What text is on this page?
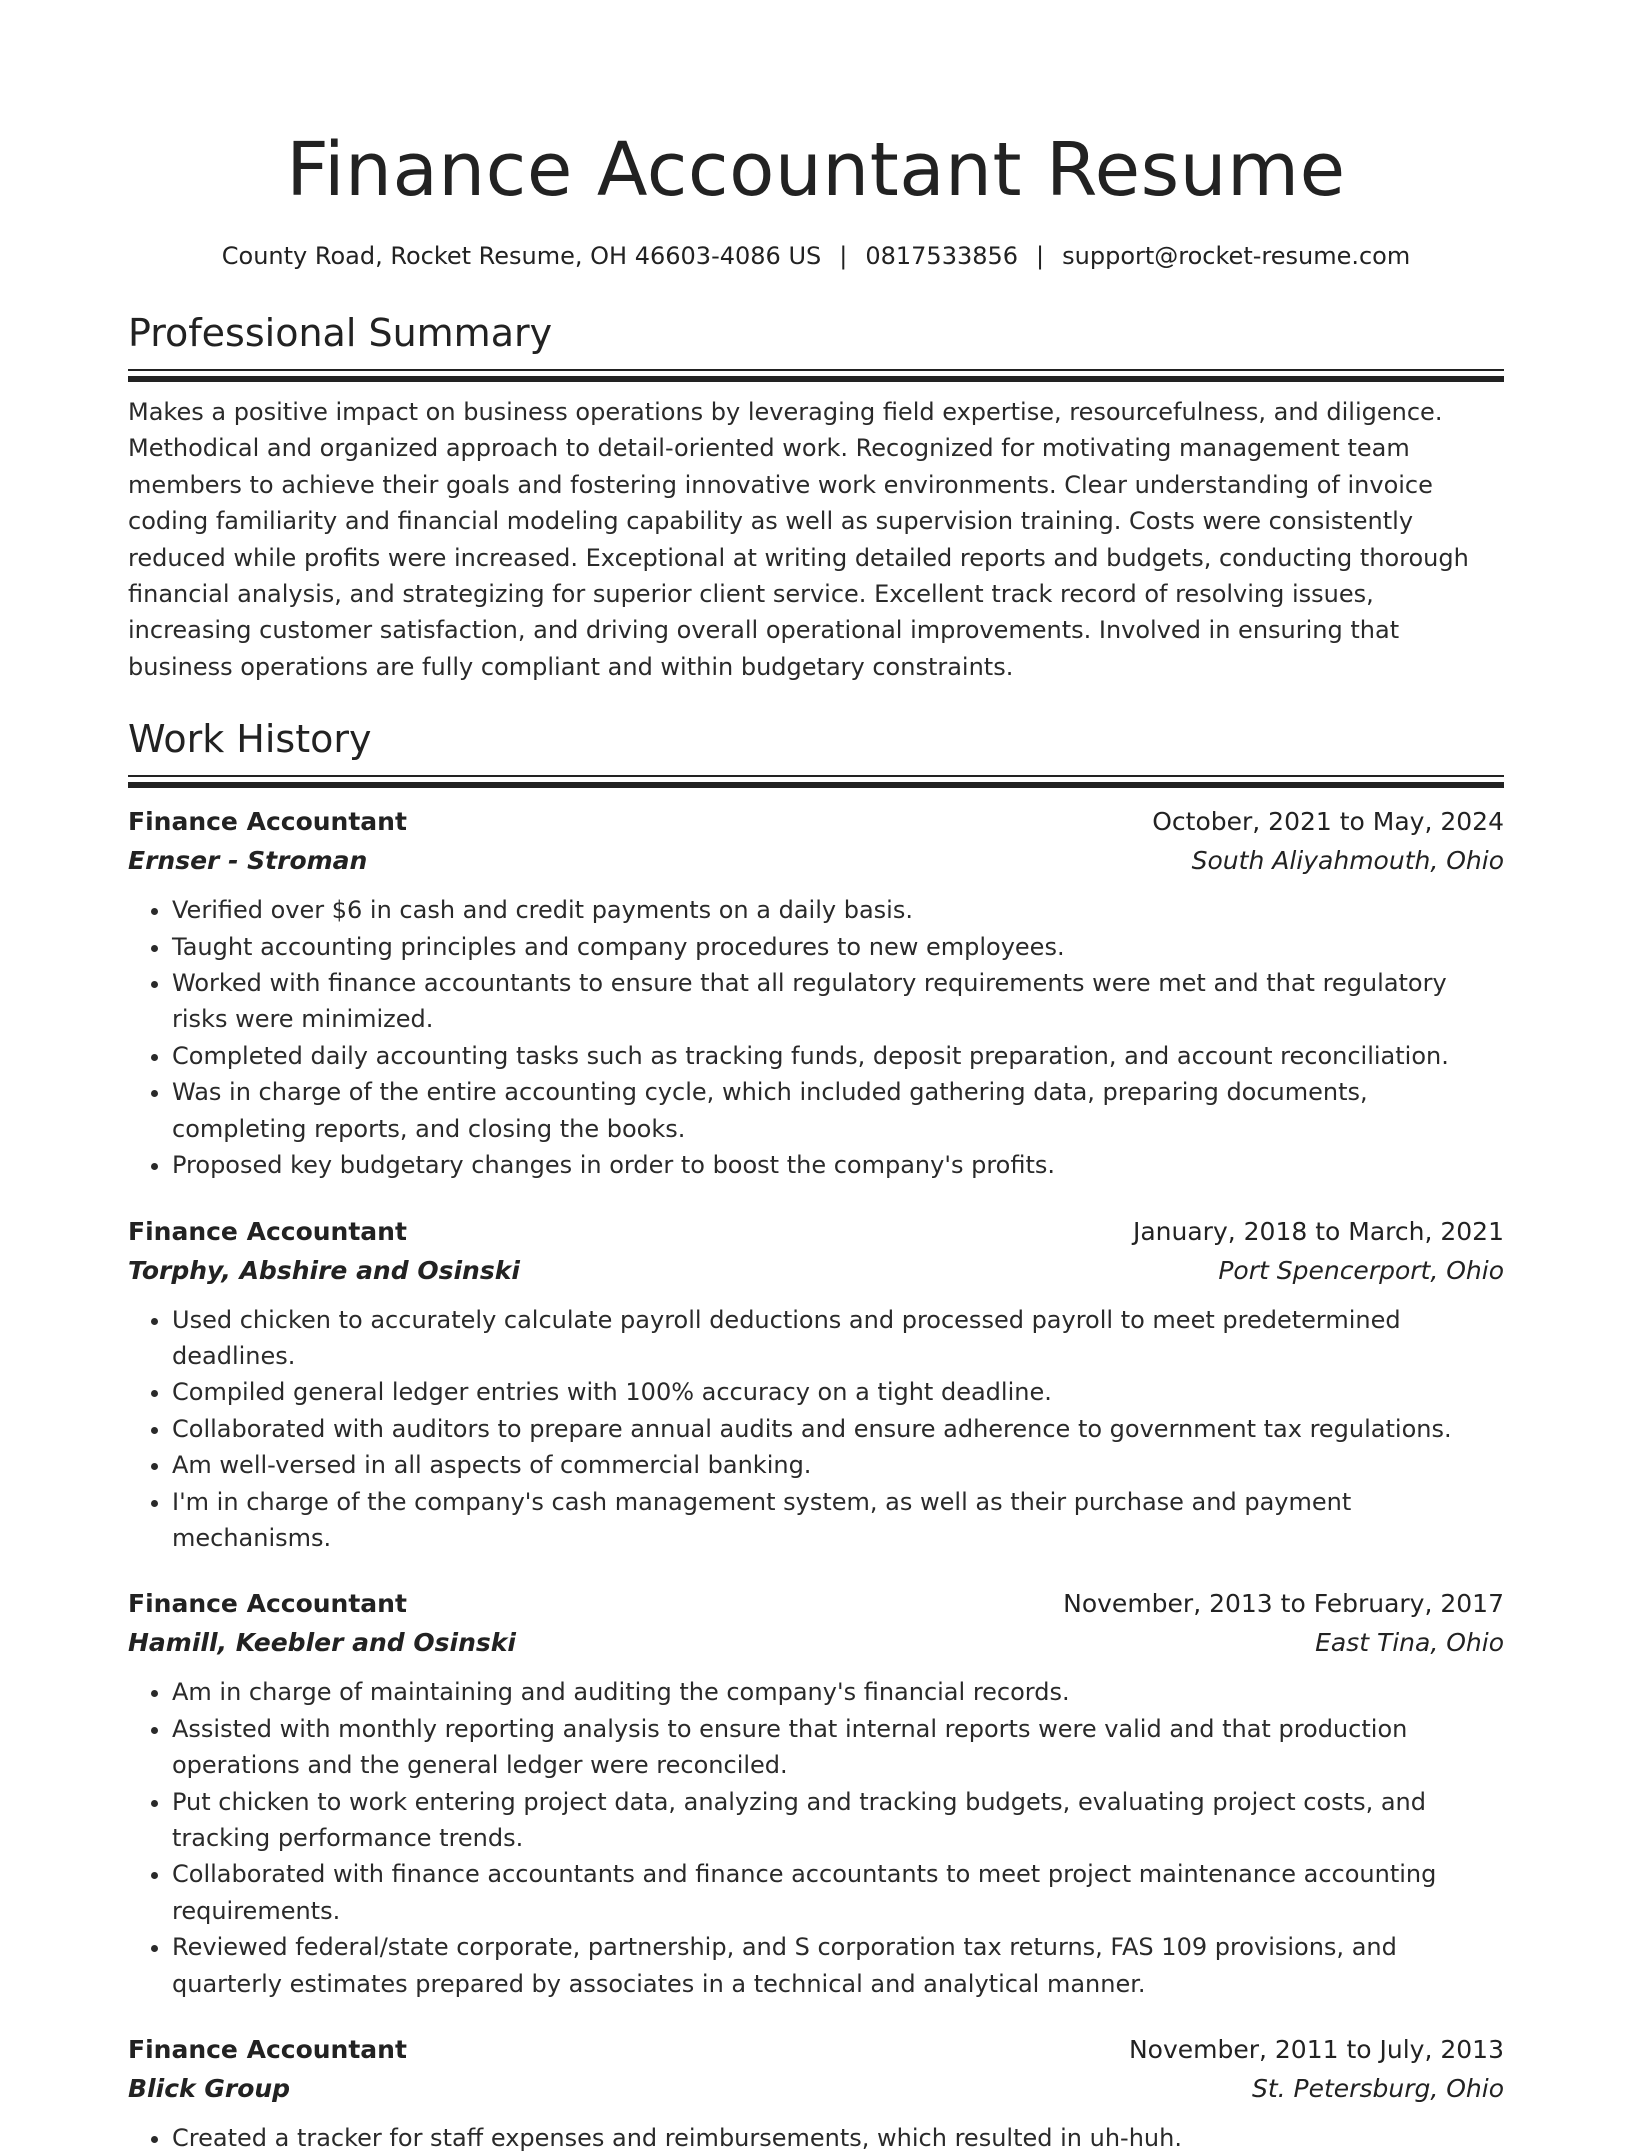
Finance Accountant Resume
County Road, Rocket Resume, OH 46603-4086 US | 0817533856 | support@rocket-resume.com
Professional Summary

Makes a positive impact on business operations by leveraging field expertise, resourcefulness, and diligence. Methodical and organized approach to detail-oriented work. Recognized for motivating management team members to achieve their goals and fostering innovative work environments. Clear understanding of invoice coding familiarity and financial modeling capability as well as supervision training. Costs were consistently reduced while profits were increased. Exceptional at writing detailed reports and budgets, conducting thorough financial analysis, and strategizing for superior client service. Excellent track record of resolving issues, increasing customer satisfaction, and driving overall operational improvements. Involved in ensuring that business operations are fully compliant and within budgetary constraints.

Work History
Finance Accountant	October, 2021 to May, 2024
Ernser - Stroman	South Aliyahmouth, Ohio
• Verified over $6 in cash and credit payments on a daily basis.
• Taught accounting principles and company procedures to new employees.
• Worked with finance accountants to ensure that all regulatory requirements were met and that regulatory risks were minimized.
• Completed daily accounting tasks such as tracking funds, deposit preparation, and account reconciliation.
• Was in charge of the entire accounting cycle, which included gathering data, preparing documents, completing reports, and closing the books.
• Proposed key budgetary changes in order to boost the company's profits.
Finance Accountant	January, 2018 to March, 2021
Torphy, Abshire and Osinski	Port Spencerport, Ohio
• Used chicken to accurately calculate payroll deductions and processed payroll to meet predetermined deadlines.
• Compiled general ledger entries with 100% accuracy on a tight deadline.
• Collaborated with auditors to prepare annual audits and ensure adherence to government tax regulations.
• Am well-versed in all aspects of commercial banking.
• I'm in charge of the company's cash management system, as well as their purchase and payment mechanisms.
Finance Accountant	November, 2013 to February, 2017
Hamill, Keebler and Osinski	East Tina, Ohio
• Am in charge of maintaining and auditing the company's financial records.
• Assisted with monthly reporting analysis to ensure that internal reports were valid and that production operations and the general ledger were reconciled.
• Put chicken to work entering project data, analyzing and tracking budgets, evaluating project costs, and tracking performance trends.
• Collaborated with finance accountants and finance accountants to meet project maintenance accounting requirements.
• Reviewed federal/state corporate, partnership, and S corporation tax returns, FAS 109 provisions, and quarterly estimates prepared by associates in a technical and analytical manner.
Finance Accountant	November, 2011 to July, 2013
Blick Group	St. Petersburg, Ohio
• Created a tracker for staff expenses and reimbursements, which resulted in uh-huh.
